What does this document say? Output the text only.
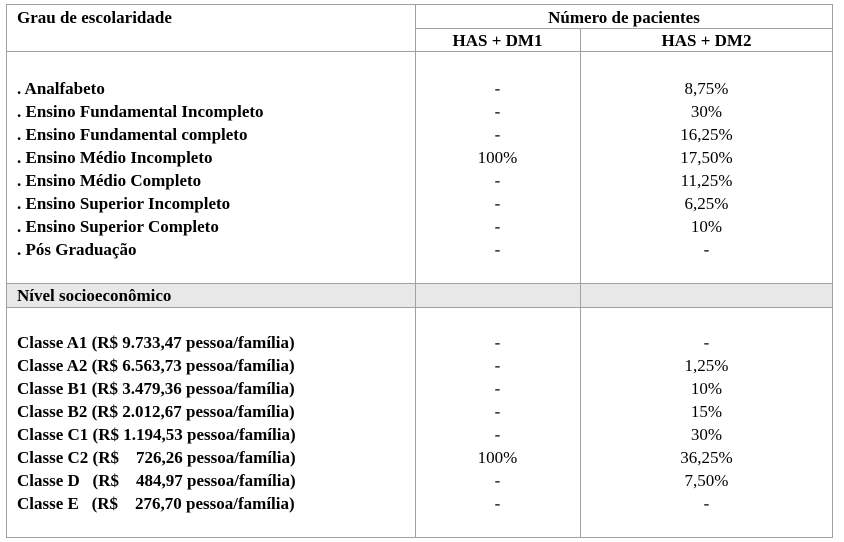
Grau de escolaridade	Número de pacientes
HAS + DM1	HAS + DM2
. Analfabeto	-	8,75%
. Ensino Fundamental Incompleto	-	30%
. Ensino Fundamental completo	-	16,25%
. Ensino Médio Incompleto	100%	17,50%
. Ensino Médio Completo	-	11,25%
. Ensino Superior Incompleto	-	6,25%
. Ensino Superior Completo	-	10%
. Pós Graduação	-	-
Nível socioeconômico
Classe A1 (R$ 9.733,47 pessoa/família)	-	-
Classe A2 (R$ 6.563,73 pessoa/família)	-	1,25%
Classe B1 (R$ 3.479,36 pessoa/família)	-	10%
Classe B2 (R$ 2.012,67 pessoa/família)	-	15%
Classe C1 (R$ 1.194,53 pessoa/família)	-	30%
Classe C2 (R$    726,26 pessoa/família)	100%	36,25%
Classe D   (R$    484,97 pessoa/família)	-	7,50%
Classe E   (R$    276,70 pessoa/família)	-	-
